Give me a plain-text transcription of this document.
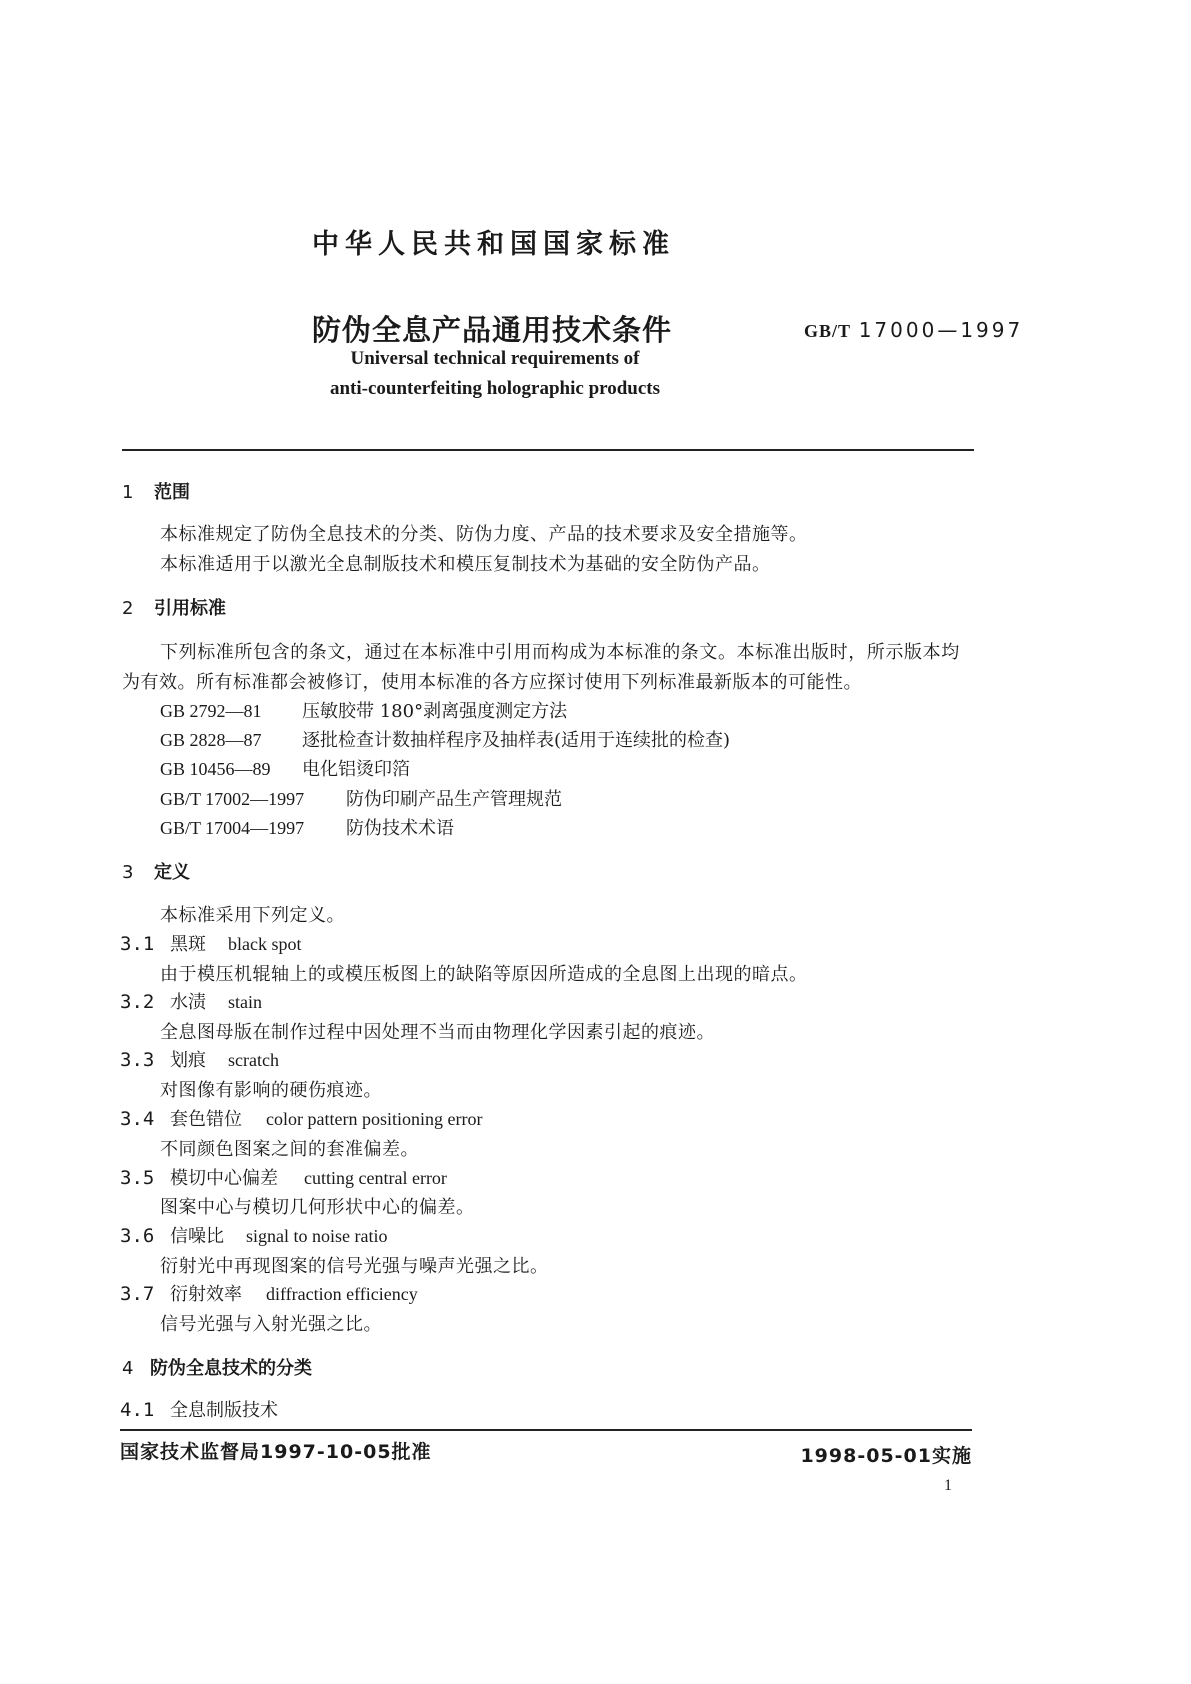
中华人民共和国国家标准
防伪全息产品通用技术条件	GB/T 17000—1997
Universal technical requirements of
anti-counterfeiting holographic products
1 范围
本标准规定了防伪全息技术的分类、防伪力度、产品的技术要求及安全措施等。
本标准适用于以激光全息制版技术和模压复制技术为基础的安全防伪产品。
2 引用标准
下列标准所包含的条文，通过在本标准中引用而构成为本标准的条文。本标准出版时，所示版本均
为有效。所有标准都会被修订，使用本标准的各方应探讨使用下列标准最新版本的可能性。
GB 2792—81 压敏胶带 180°剥离强度测定方法
GB 2828—87 逐批检查计数抽样程序及抽样表(适用于连续批的检查)
GB 10456—89 电化铝烫印箔
GB/T 17002—1997 防伪印刷产品生产管理规范
GB/T 17004—1997 防伪技术术语
3 定义
本标准采用下列定义。
3.1 黑斑 black spot
由于模压机辊轴上的或模压板图上的缺陷等原因所造成的全息图上出现的暗点。
3.2 水渍 stain
全息图母版在制作过程中因处理不当而由物理化学因素引起的痕迹。
3.3 划痕 scratch
对图像有影响的硬伤痕迹。
3.4 套色错位 color pattern positioning error
不同颜色图案之间的套准偏差。
3.5 模切中心偏差 cutting central error
图案中心与模切几何形状中心的偏差。
3.6 信噪比 signal to noise ratio
衍射光中再现图案的信号光强与噪声光强之比。
3.7 衍射效率 diffraction efficiency
信号光强与入射光强之比。
4 防伪全息技术的分类
4.1 全息制版技术
国家技术监督局1997-10-05批准	1998-05-01实施
1
